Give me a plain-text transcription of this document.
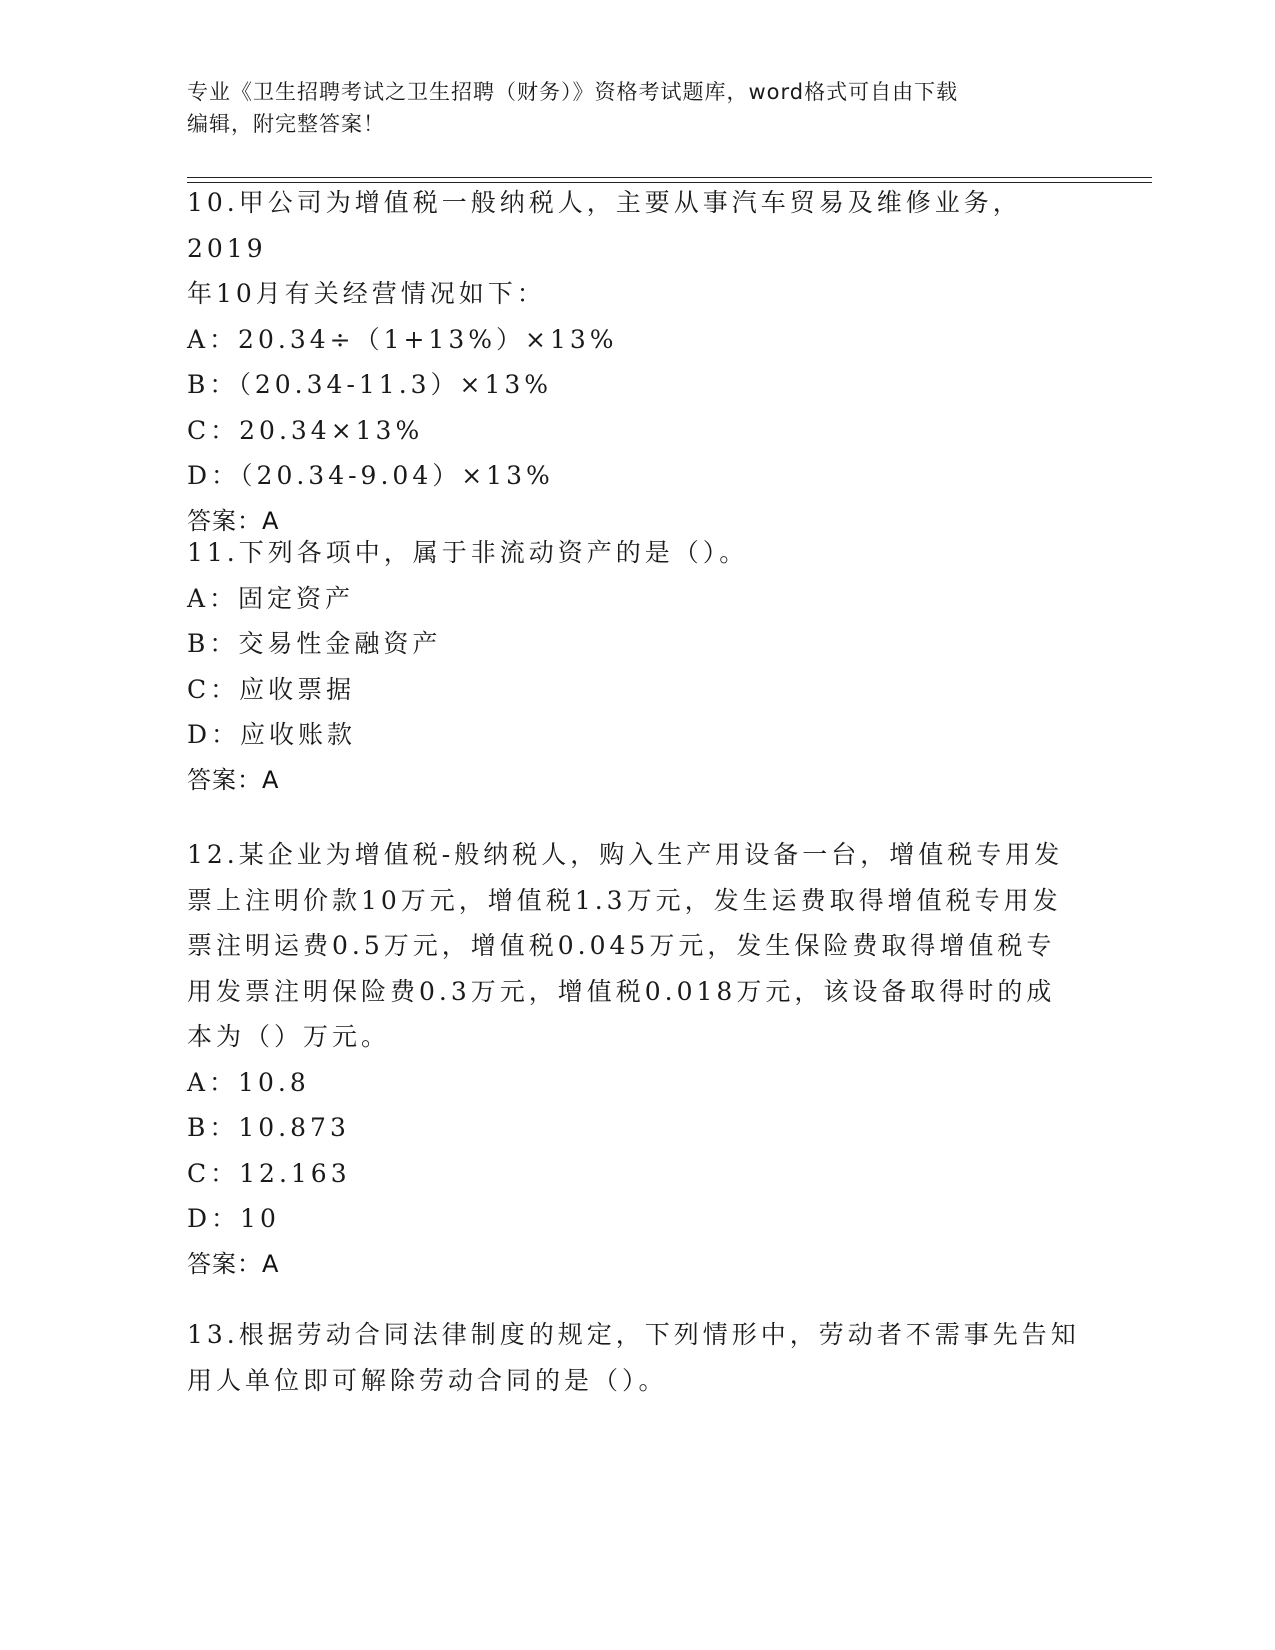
专业《卫生招聘考试之卫生招聘（财务）》资格考试题库，word格式可自由下载
编辑，附完整答案！
10.甲公司为增值税一般纳税人，主要从事汽车贸易及维修业务，2019
年10月有关经营情况如下：
A：20.34÷（1+13%）×13%
B：（20.34-11.3）×13%
C：20.34×13%
D：（20.34-9.04）×13%
答案：A
11.下列各项中，属于非流动资产的是（）。
A：固定资产
B：交易性金融资产
C：应收票据
D：应收账款
答案：A
12.某企业为增值税-般纳税人，购入生产用设备一台，增值税专用发
票上注明价款10万元，增值税1.3万元，发生运费取得增值税专用发
票注明运费0.5万元，增值税0.045万元，发生保险费取得增值税专
用发票注明保险费0.3万元，增值税0.018万元，该设备取得时的成
本为（）万元。
A：10.8
B：10.873
C：12.163
D：10
答案：A
13.根据劳动合同法律制度的规定，下列情形中，劳动者不需事先告知
用人单位即可解除劳动合同的是（）。
